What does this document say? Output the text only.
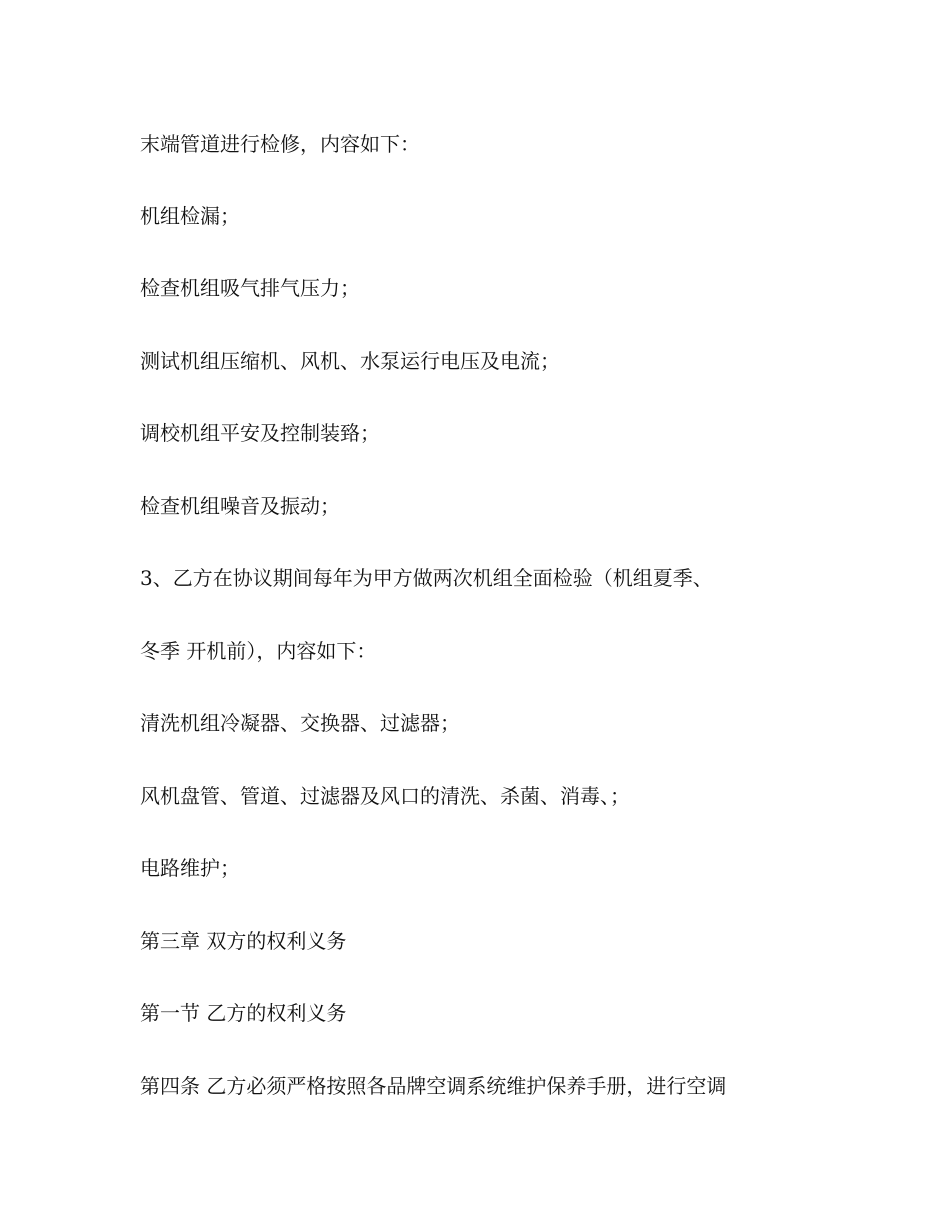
末端管道进行检修，内容如下：

机组检漏；

检查机组吸气排气压力；

测试机组压缩机、风机、水泵运行电压及电流；

调校机组平安及控制装臵；

检查机组噪音及振动；

3、乙方在协议期间每年为甲方做两次机组全面检验（机组夏季、

冬季 开机前），内容如下：

清洗机组冷凝器、交换器、过滤器；

风机盘管、管道、过滤器及风口的清洗、杀菌、消毒、；

电路维护；

第三章 双方的权利义务

第一节 乙方的权利义务

第四条 乙方必须严格按照各品牌空调系统维护保养手册，进行空调
